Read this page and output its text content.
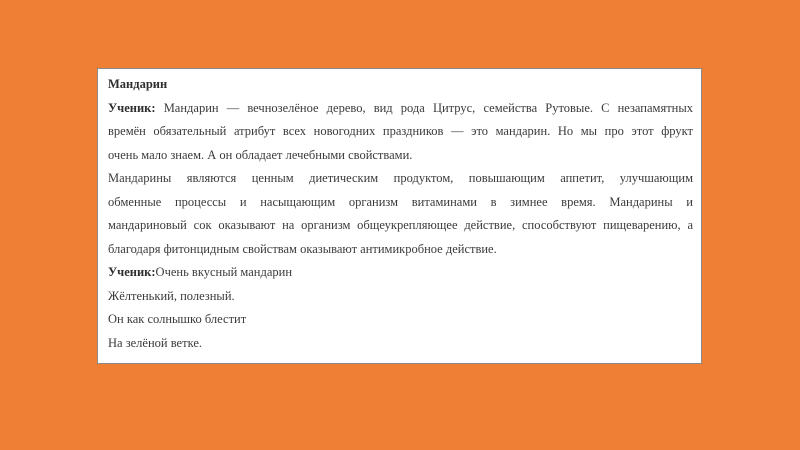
Мандарин
Ученик: Мандарин — вечнозелёное дерево, вид рода Цитрус, семейства Рутовые. С незапамятных
времён обязательный атрибут всех новогодних праздников — это мандарин. Но мы про этот фрукт
очень мало знаем. А он обладает лечебными свойствами.
Мандарины являются ценным диетическим продуктом, повышающим аппетит, улучшающим
обменные процессы и насыщающим организм витаминами в зимнее время. Мандарины и
мандариновый сок оказывают на организм общеукрепляющее действие, способствуют пищеварению, а
благодаря фитонцидным свойствам оказывают антимикробное действие.
Ученик:Очень вкусный мандарин
Жёлтенький, полезный.
Он как солнышко блестит
На зелёной ветке.
